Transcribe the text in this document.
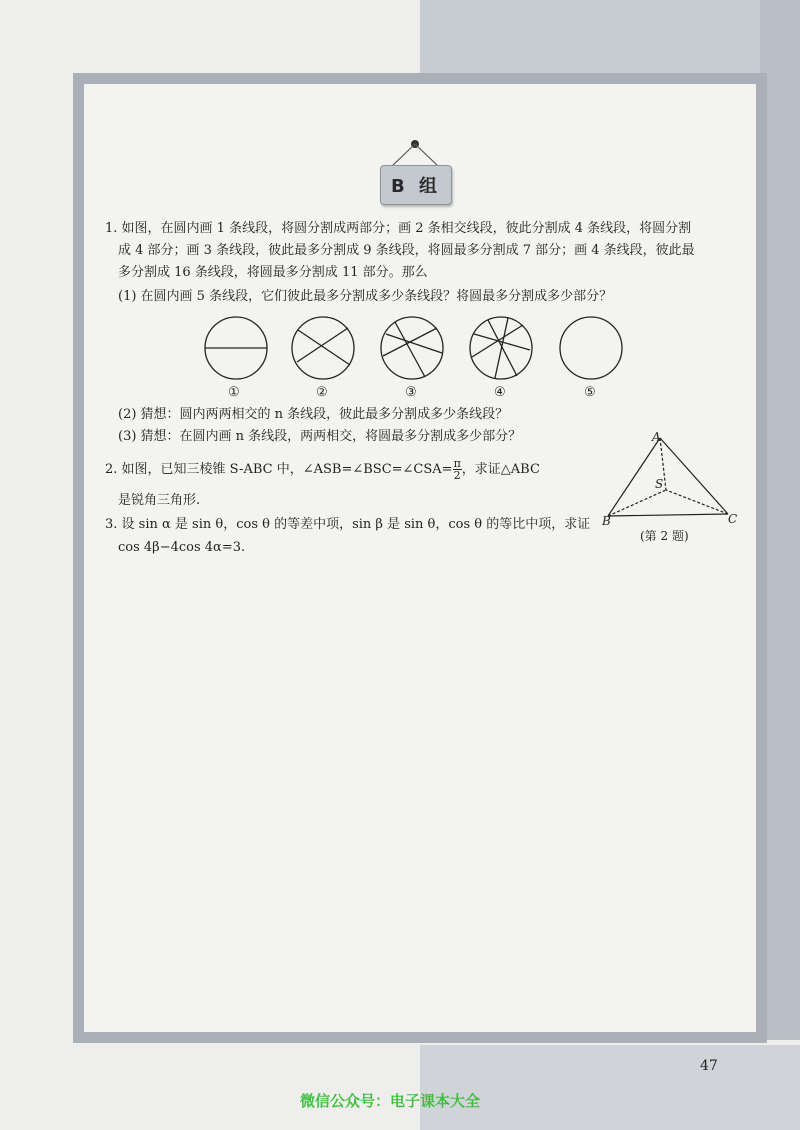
B 组
1. 如图，在圆内画 1 条线段，将圆分割成两部分；画 2 条相交线段，彼此分割成 4 条线段，将圆分割
成 4 部分；画 3 条线段，彼此最多分割成 9 条线段，将圆最多分割成 7 部分；画 4 条线段，彼此最
多分割成 16 条线段，将圆最多分割成 11 部分。那么
(1) 在圆内画 5 条线段，它们彼此最多分割成多少条线段？将圆最多分割成多少部分？
①	②	③	④	⑤
(2) 猜想：圆内两两相交的 n 条线段，彼此最多分割成多少条线段？
(3) 猜想：在圆内画 n 条线段，两两相交，将圆最多分割成多少部分？
2. 如图，已知三棱锥 S-ABC 中，∠ASB=∠BSC=∠CSA= $\frac{\pi}{2}$ ，求证△ABC
是锐角三角形.
A
S
B	C
(第 2 题)
3. 设 sin α 是 sin θ，cos θ 的等差中项，sin β 是 sin θ，cos θ 的等比中项，求证
cos 4β−4cos 4α=3.
47
微信公众号：电子课本大全
